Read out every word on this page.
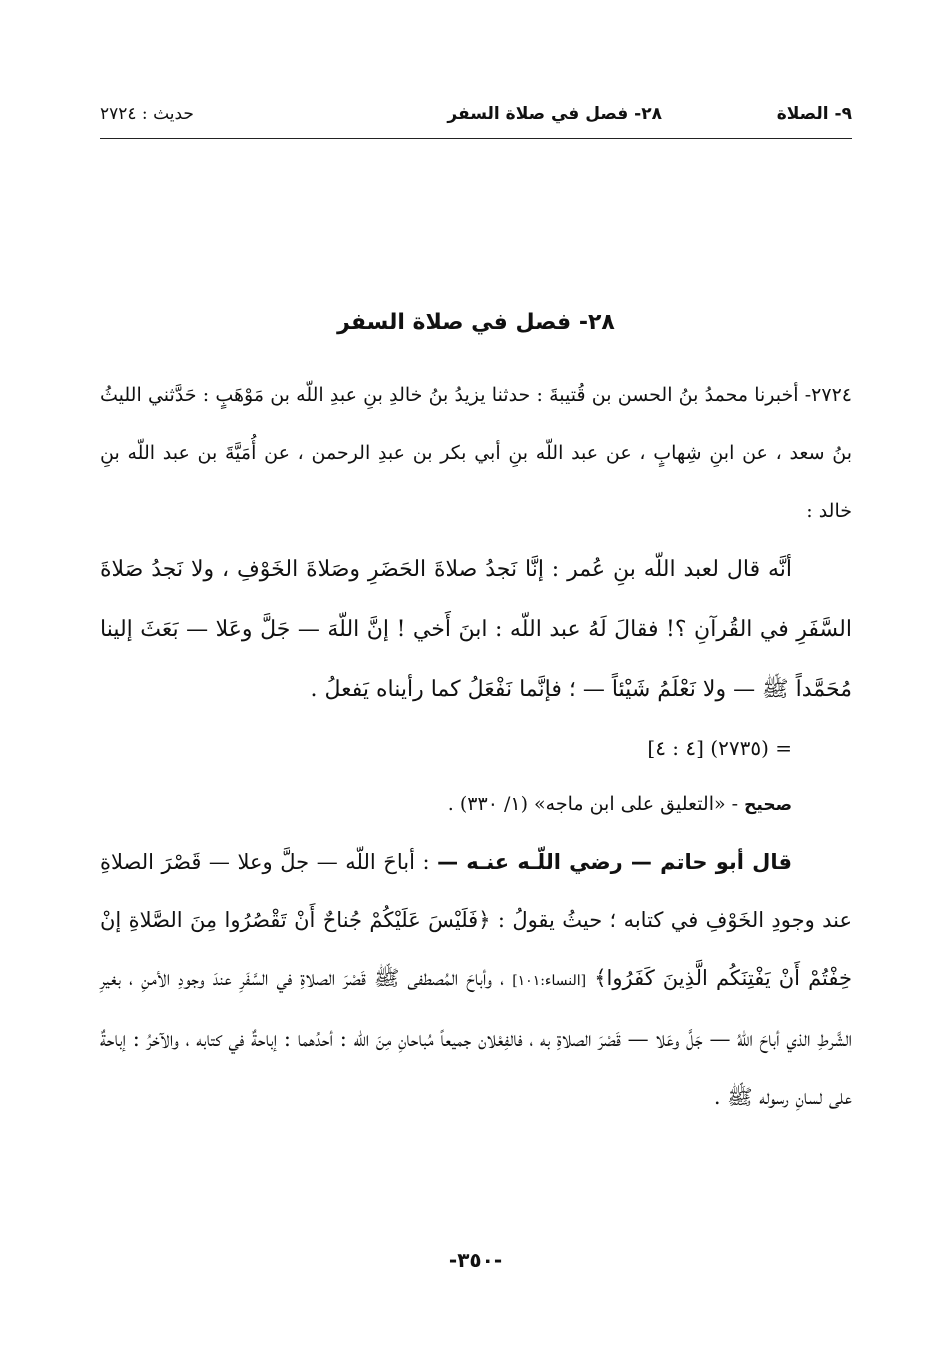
٩- الصلاة
٢٨- فصل في صلاة السفر
حديث : ٢٧٢٤
٢٨- فصل في صلاة السفر

٢٧٢٤- أخبرنا محمدُ بنُ الحسن بن قُتيبةَ : حدثنا يزيدُ بنُ خالدِ بنِ عبدِ اللّه بن مَوْهَبٍ : حَدَّثني الليثُ بنُ سعد ، عن ابنِ شِهابٍ ، عن عبد اللّه بنِ أبي بكر بن عبدِ الرحمن ، عن أُمَيَّةَ بن عبد اللّه بنِ خالد :

أنَّه قال لعبد اللّه بنِ عُمر : إنَّا نَجدُ صلاةَ الحَضَرِ وصَلاةَ الخَوْفِ ، ولا نَجدُ صَلاةَ السَّفَرِ في القُرآنِ ؟! فقالَ لَهُ عبد اللّه : ابنَ أَخي ! إنَّ اللّهَ — جَلَّ وعَلا — بَعَثَ إلينا مُحَمَّداً ﷺ — ولا نَعْلَمُ شَيْئاً — ؛ فإنَّما نَفْعَلُ كما رأيناه يَفعلُ .

= (٢٧٣٥) [٤ : ٤]

صحيح - «التعليق على ابن ماجه» (١/ ٣٣٠) .

قال أبو حاتم — رضي اللّـه عنـه — : أباحَ اللّه — جلَّ وعلا — قَصْرَ الصلاةِ عند وجودِ الخَوْفِ في كتابه ؛ حيثُ يقولُ : ﴿فَلَيْسَ عَلَيْكُمْ جُناحٌ أَنْ تَقْصُرُوا مِنَ الصَّلاةِ إنْ خِفْتُمْ أَنْ يَفْتِنَكُم الَّذِينَ كَفَرُوا﴾ [النساء:١٠١] ، وأباحَ المُصطفى ﷺ قَصْرَ الصلاةِ في السَّفَرِ عندَ وجودِ الأمنِ ، بغيرِ الشَّرطِ الذي أباحَ اللّهُ — جَلَّ وعَلا — قَصْرَ الصلاةِ به ، فالفِعْلان جميعاً مُباحانِ مِنَ اللّه : أحدُهما : إباحةٌ في كتابه ، والآخرُ : إباحةٌ على لسانِ رسوله ﷺ .

-٣٥٠-
